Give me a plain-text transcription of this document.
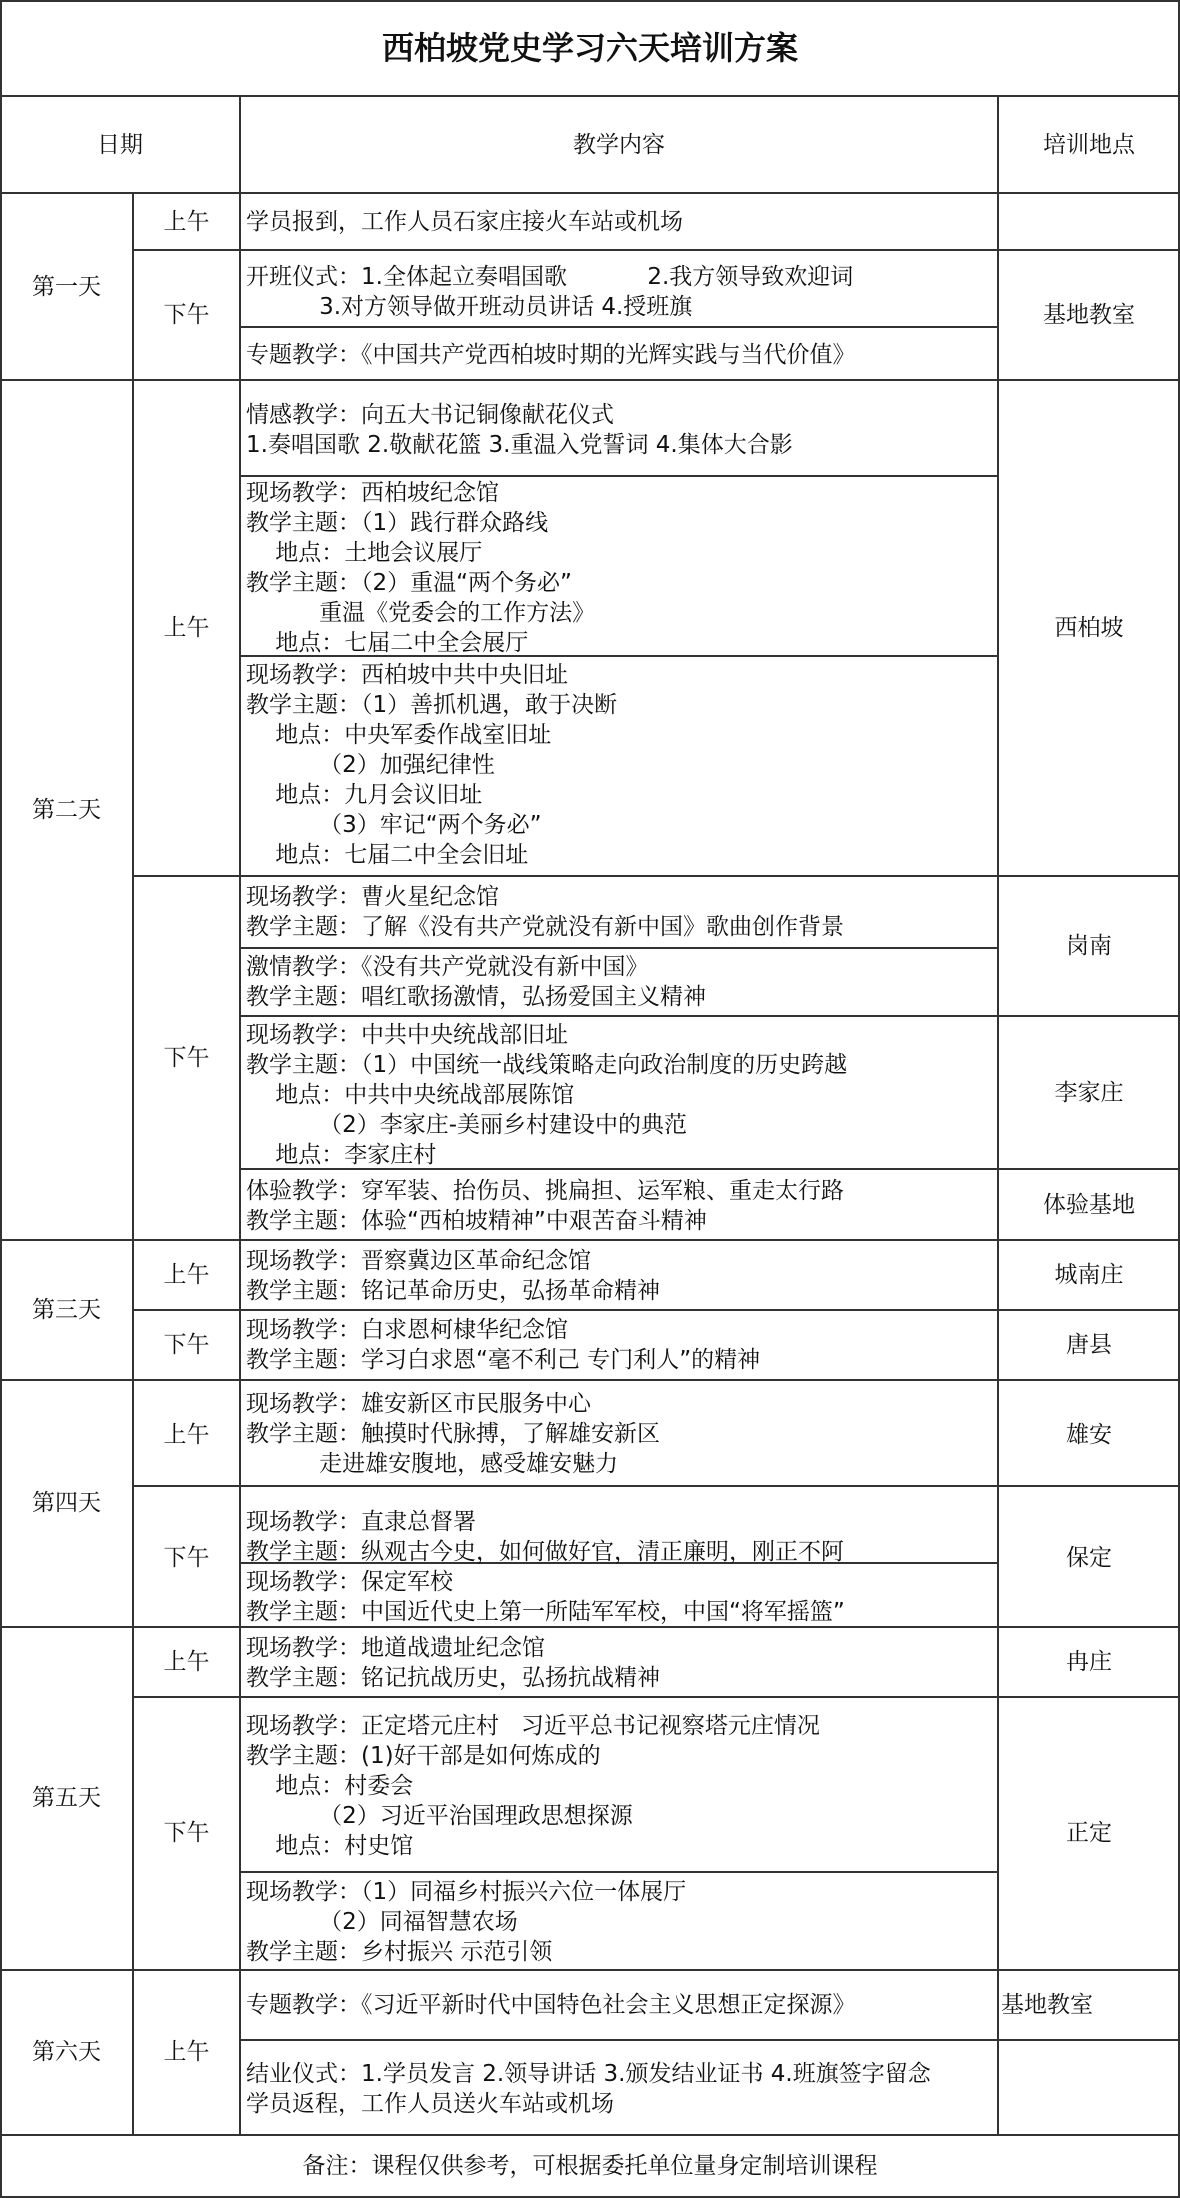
西柏坡党史学习六天培训方案
日期	教学内容	培训地点
第一天
第二天
第三天
第四天
第五天
第六天
上午
下午
上午
下午
上午
下午
上午
下午
上午
下午
上午
学员报到，工作人员石家庄接火车站或机场
开班仪式：1.全体起立奏唱国歌           2.我方领导致欢迎词
3.对方领导做开班动员讲话 4.授班旗
专题教学：《中国共产党西柏坡时期的光辉实践与当代价值》
情感教学：向五大书记铜像献花仪式
1.奏唱国歌 2.敬献花篮 3.重温入党誓词 4.集体大合影
现场教学：西柏坡纪念馆
教学主题：（1）践行群众路线
地点：土地会议展厅
教学主题：（2）重温“两个务必”
重温《党委会的工作方法》
地点：七届二中全会展厅
现场教学：西柏坡中共中央旧址
教学主题：（1）善抓机遇，敢于决断
地点：中央军委作战室旧址
（2）加强纪律性
地点：九月会议旧址
（3）牢记“两个务必”
地点：七届二中全会旧址
现场教学：曹火星纪念馆
教学主题：了解《没有共产党就没有新中国》歌曲创作背景
激情教学：《没有共产党就没有新中国》
教学主题：唱红歌扬激情，弘扬爱国主义精神
现场教学：中共中央统战部旧址
教学主题：（1）中国统一战线策略走向政治制度的历史跨越
地点：中共中央统战部展陈馆
（2）李家庄-美丽乡村建设中的典范
地点：李家庄村
体验教学：穿军装、抬伤员、挑扁担、运军粮、重走太行路
教学主题：体验“西柏坡精神”中艰苦奋斗精神
现场教学：晋察冀边区革命纪念馆
教学主题：铭记革命历史，弘扬革命精神
现场教学：白求恩柯棣华纪念馆
教学主题：学习白求恩“毫不利己 专门利人”的精神
现场教学：雄安新区市民服务中心
教学主题：触摸时代脉搏，了解雄安新区
走进雄安腹地，感受雄安魅力
现场教学：直隶总督署
教学主题：纵观古今史，如何做好官，清正廉明，刚正不阿
现场教学：保定军校
教学主题：中国近代史上第一所陆军军校，中国“将军摇篮”
现场教学：地道战遗址纪念馆
教学主题：铭记抗战历史，弘扬抗战精神
现场教学：正定塔元庄村   习近平总书记视察塔元庄情况
教学主题：(1)好干部是如何炼成的
地点：村委会
（2）习近平治国理政思想探源
地点：村史馆
现场教学：（1）同福乡村振兴六位一体展厅
（2）同福智慧农场
教学主题：乡村振兴 示范引领
专题教学：《习近平新时代中国特色社会主义思想正定探源》
结业仪式：1.学员发言 2.领导讲话 3.颁发结业证书 4.班旗签字留念
学员返程，工作人员送火车站或机场
基地教室
西柏坡
岗南
李家庄
体验基地
城南庄
唐县
雄安
保定
冉庄
正定
基地教室
备注：课程仅供参考，可根据委托单位量身定制培训课程
